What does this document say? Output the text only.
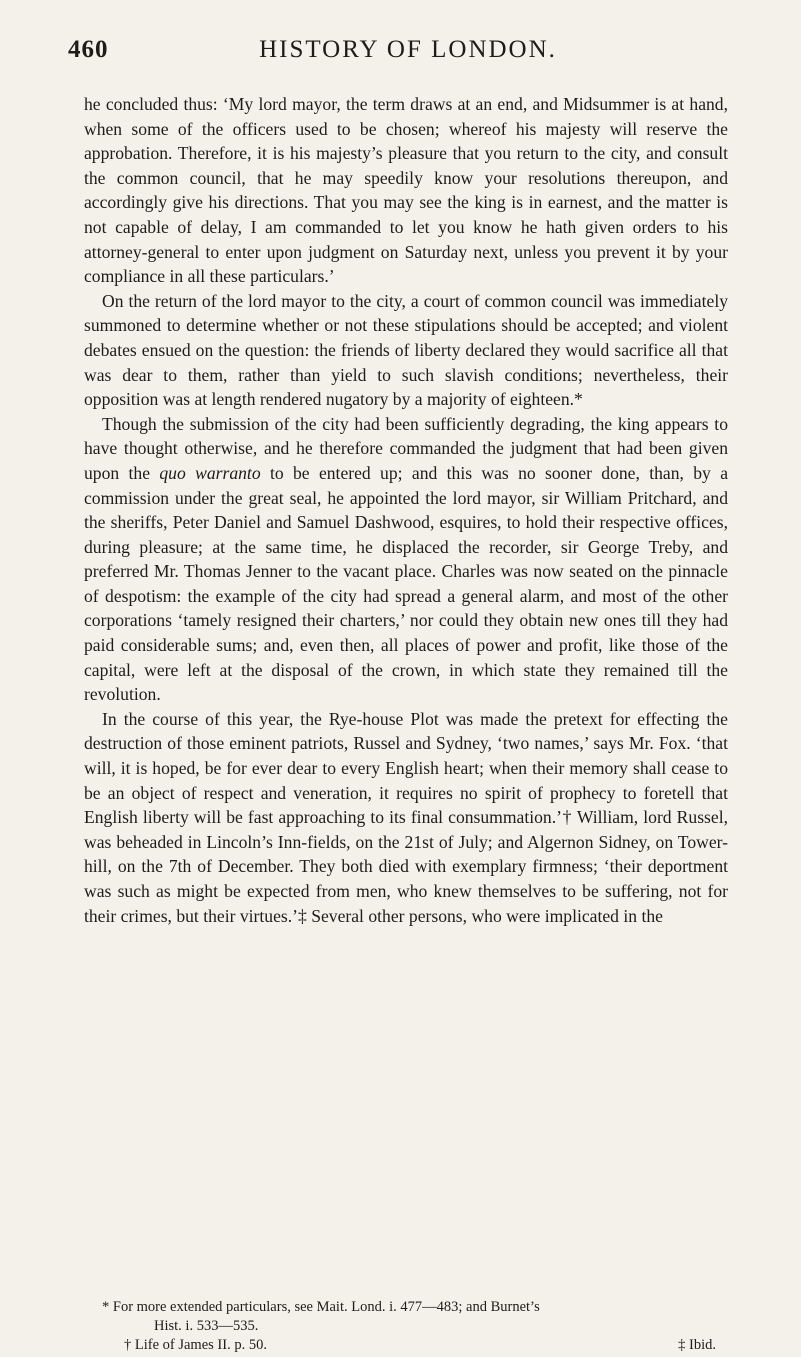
460	HISTORY OF LONDON.

he concluded thus: ‘My lord mayor, the term draws at an end, and Midsummer is at hand, when some of the officers used to be chosen; whereof his majesty will reserve the approbation. Therefore, it is his majesty’s pleasure that you return to the city, and consult the common council, that he may speedily know your resolutions thereupon, and accordingly give his directions. That you may see the king is in earnest, and the matter is not capable of delay, I am commanded to let you know he hath given orders to his attorney-general to enter upon judgment on Saturday next, unless you prevent it by your compliance in all these particulars.’

On the return of the lord mayor to the city, a court of common council was immediately summoned to determine whether or not these stipulations should be accepted; and violent debates ensued on the question: the friends of liberty declared they would sacrifice all that was dear to them, rather than yield to such slavish conditions; nevertheless, their opposition was at length rendered nugatory by a majority of eighteen.*

Though the submission of the city had been sufficiently degrading, the king appears to have thought otherwise, and he therefore commanded the judgment that had been given upon the quo warranto to be entered up; and this was no sooner done, than, by a commission under the great seal, he appointed the lord mayor, sir William Pritchard, and the sheriffs, Peter Daniel and Samuel Dashwood, esquires, to hold their respective offices, during pleasure; at the same time, he displaced the recorder, sir George Treby, and preferred Mr. Thomas Jenner to the vacant place. Charles was now seated on the pinnacle of despotism: the example of the city had spread a general alarm, and most of the other corporations ‘tamely resigned their charters,’ nor could they obtain new ones till they had paid considerable sums; and, even then, all places of power and profit, like those of the capital, were left at the disposal of the crown, in which state they remained till the revolution.

In the course of this year, the Rye-house Plot was made the pretext for effecting the destruction of those eminent patriots, Russel and Sydney, ‘two names,’ says Mr. Fox. ‘that will, it is hoped, be for ever dear to every English heart; when their memory shall cease to be an object of respect and veneration, it requires no spirit of prophecy to foretell that English liberty will be fast approaching to its final consummation.’† William, lord Russel, was beheaded in Lincoln’s Inn-fields, on the 21st of July; and Algernon Sidney, on Tower-hill, on the 7th of December. They both died with exemplary firmness; ‘their deportment was such as might be expected from men, who knew themselves to be suffering, not for their crimes, but their virtues.’‡ Several other persons, who were implicated in the

* For more extended particulars, see Mait. Lond. i. 477—483; and Burnet’s
Hist. i. 533—535.
† Life of James II. p. 50.	‡ Ibid.
